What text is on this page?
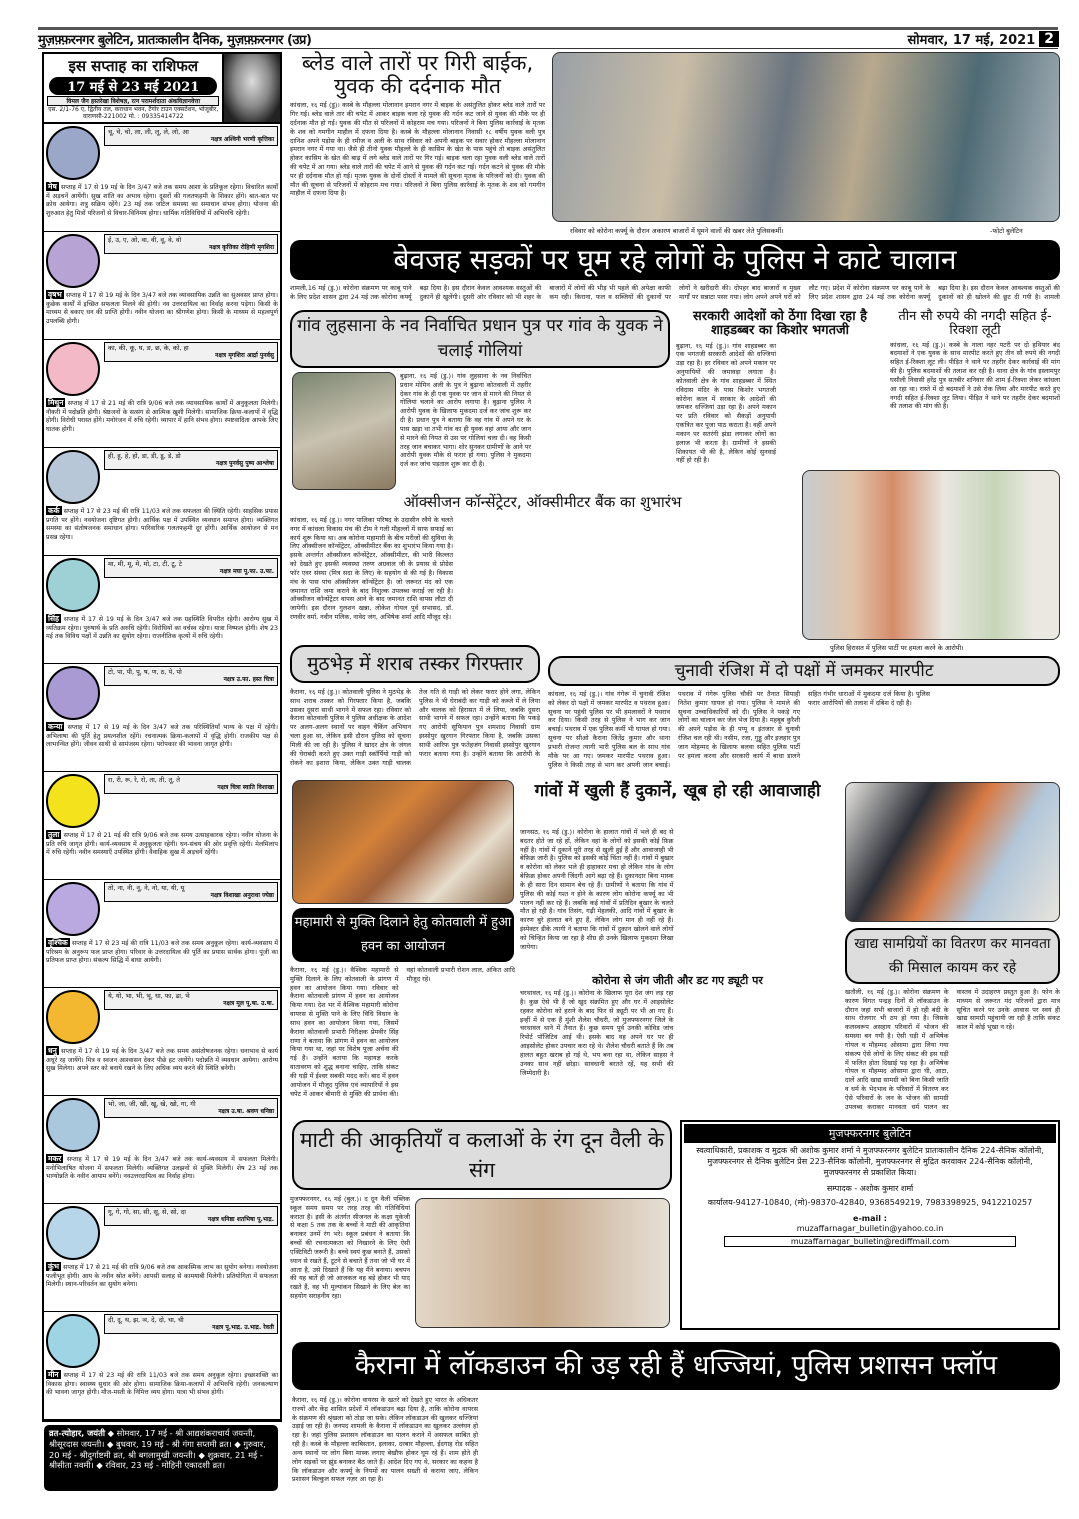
मुज़फ़्फ़रनगर बुलेटिन, प्रातःकालीन दैनिक, मुज़फ़्फ़रनगर (उप्र)	सोमवार, 17 मई, 2021 2
इस सप्ताह का राशिफल
17 मई से 23 मई 2021
विमल जैन हस्तरेखा विशेषज्ञ, रत्न परामर्शदाता अंकविज्ञानवेत्ता
एस. 2/1-76 ए, द्वितीय तल, कराधान भवन, टैगोर टाउन एक्सटेंशन, भोजूबीर, वाराणसी-221002 मो. : 09335414722
चू, चे, चो, ला, ली, लू, ले, लो, आ
नक्षत्र अश्विनी भरणी कृत्तिका
मेष सप्ताह में 17 से 19 मई के दिन 3/47 बजे तक समय आशा के प्रतिकूल रहेगा। विचारित कार्यों में अड़चनें आयेंगी। सुख शांति का अभाव रहेगा। दूसरों की गलतफहमी के शिकार होंगे। बात-बात पर क्रोध आयेगा। शत्रु सक्रिय रहेंगे। 23 मई तक जटिल समस्या का समाधान संभव होगा। योजना की शुरुआत हेतु मित्रों परिजनों से विचार-विनिमय होगा। धार्मिक गतिविधियों में अभिरुचि रहेगी।
ई, उ, ए, ओ, वा, वी, वू, वे, वो
नक्षत्र कृत्तिका रोहिणी मृगशिरा
वृषभ सप्ताह में 17 से 19 मई के दिन 3/47 बजे तक व्यावसायिक उन्नति का सुअवसर प्राप्त होगा। कुछेक कार्यों में इच्छित सफलता मिलने की होगी। नव उत्तरदायित्व का निर्वाह करना पड़ेगा। किसी के माध्यम से बकाए धन की प्राप्ति होगी। नवीन योजना का श्रीगणेश होगा। किसी के माध्यम से महत्वपूर्ण उपलब्धि होगी।
का, की, कू, घ, ङ, छ, के, को, हा
नक्षत्र मृगशिरा आर्द्रा पुनर्वसु
मिथुन सप्ताह में 17 से 21 मई की रात्रि 9/06 बजे तक व्यावसायिक कार्यों में अनुकूलता मिलेगी। नौकरी में पदोन्नति होगी। श्रेष्ठजनों के सत्संग से आत्मिक ख़ुशी मिलेगी। सामाजिक क्रिया-कलापों में वृद्धि होगी। विरोधी परास्त होंगे। मनोरंजन में रुचि रहेगी। व्यापार में हानि संभव होगा। स्पष्टवादिता आपके लिए घातक होगी।
ही, हू, हे, हो, डा, डी, डू, डे, डो
नक्षत्र पुनर्वसु पुष्य आश्लेषा
कर्क सप्ताह में 17 से 23 मई की रात्रि 11/03 बजे तक सफलता की स्थिति रहेगी। साहसिक प्रयास प्रगति पर होंगे। नवयोजना दृष्टिगत होगी। आर्थिक पक्ष में उपस्थित व्यवधान समाप्त होगा। व्यक्तिगत समस्या का संतोषजनक समाधान होगा। पारिवारिक गलतफहमी दूर होंगी। आर्थिक आयोजन से मन प्रसन्न रहेगा।
मा, मी, मू, मे, मो, टा, टी, टू, टे
नक्षत्र मघा पू.फा. उ.फा.
सिंह सप्ताह में 17 से 19 मई के दिन 3/47 बजे तक ग्रहस्थिति विपरीत रहेगी। आरोग्य सुख में व्यतिक्रम रहेगा। पुरुषार्थ के प्रति अरुचि रहेगी। विरोधियों का वर्चस्व रहेगा। यात्रा निष्फल होगी। शेष 23 मई तक विविध पक्षों में उन्नति का सुयोग रहेगा। राजनीतिक कृत्यों में रुचि रहेगी।
टो, पा, पी, पू, ष, ण, ठ, पे, पो
नक्षत्र उ.फा. हस्त चित्रा
कन्या सप्ताह में 17 से 19 मई के दिन 3/47 बजे तक परिस्थितियाँ भाग्य के पक्ष में रहेंगी। अभिलाषा की पूर्ति हेतु प्रयत्नशील रहेंगे। रचनात्मक क्रिया-कलापों में वृद्धि होगी। राजकीय पक्ष से लाभान्वित होंगे। जीवन साथी से सामंजस्य रहेगा। परोपकार की भावना जागृत होगी।
रा, री, रू, रे, रो, ता, ती, तू, ते
नक्षत्र चित्रा स्वाति विशाखा
तुला सप्ताह में 17 से 21 मई की रात्रि 9/06 बजे तक समय उत्साहकारक रहेगा। नवीन योजना के प्रति रुचि जागृत होगी। कार्य-व्यवसाय में अनुकूलता रहेगी। धन-संचय की ओर प्रवृत्ति रहेगी। मेलमिलाप में रुचि रहेगी। नवीन समस्याएँ उपस्थित होंगी। वैवाहिक सुख में अड़चनें रहेंगी।
तो, ना, नी, नू, ने, नो, या, यी, यू
नक्षत्र विशाखा अनुराधा ज्येष्ठा
वृश्चिक सप्ताह में 17 से 23 मई की रात्रि 11/03 बजे तक समय अनुकूल रहेगा। कार्य-व्यवसाय में परिश्रम के अनुरूप फल प्राप्त होगा। परिवार के उत्तरदायित्व की पूर्ति का प्रयास सार्थक होगा। पूंजी का प्रतिफल प्राप्त होगा। संकल्प सिद्धि में बाधा आयेगी।
ये, यो, भा, भी, भू, धा, फा, ढा, भे
नक्षत्र मूल पू.षा. उ.षा.
धनु सप्ताह में 17 से 19 मई के दिन 3/47 बजे तक समय असंतोषजनक रहेगा। धनाभाव से कार्य अधूरे रह जायेंगे। मित्र व स्वजन आश्वासन देकर पीछे हट जायेंगे। पदोन्नति में व्यवधान आयेगा। आरोग्य सुख मिलेगा। अपने स्तर को बनाये रखने के लिए अधिक व्यय करने की स्थिति बनेगी।
भो, जा, जी, खी, खू, खे, खो, गा, गी
नक्षत्र उ.षा. श्रवण धनिष्ठा
मकर सप्ताह में 17 से 19 मई के दिन 3/47 बजे तक कार्य-व्यवसाय में सफलता मिलेगी। मनोभिलाषित योजना में सफलता मिलेगी। व्यक्तिगत उलझनों से मुक्ति मिलेगी। शेष 23 मई तक भाग्योन्नति के नवीन आयाम बनेंगे। नवउत्तरदायित्व का निर्वाह होगा।
गू, गे, गो, सा, सी, सू, से, सो, दा
नक्षत्र धनिष्ठा शतभिषा पू.भाद्र.
कुंभ सप्ताह में 17 से 21 मई की रात्रि 9/06 बजे तक आकस्मिक लाभ का सुयोग बनेगा। नवयोजना फलीभूत होगी। आय के नवीन स्रोत बनेंगे। आपसी सलाह से कामयाबी मिलेगी। प्रतियोगिता में सफलता मिलेगी। स्थान-परिवर्तन का सुयोग बनेगा।
दी, दू, थ, झ, ञ, दे, दो, चा, ची
नक्षत्र पू.भाद्र. उ.भाद्र. रेवती
मीन सप्ताह में 17 से 23 मई की रात्रि 11/03 बजे तक समय अनुकूल रहेगा। इच्छाशक्ति का विकास होगा। स्वास्थ्य सुधार की ओर होगा। सामाजिक क्रिया-कलापों में अभिरुचि रहेगी। जनकल्याण की भावना जागृत होगी। मौज-मस्ती के निमित्त व्यय होगा। यात्रा भी संभव होगी।
व्रत-त्योहार, जयंती ◆ सोमवार, 17 मई - श्री आद्यशंकराचार्य जयन्ती, श्रीसूरदास जयन्ती। ◆ बुधवार, 19 मई - श्री गंगा सप्तमी व्रत। ◆ गुरुवार, 20 मई - श्रीदुर्गाष्टमी व्रत, श्री बगलामुखी जयन्ती। ◆ शुक्रवार, 21 मई - श्रीसीता नवमी। ◆ रविवार, 23 मई - मोहिनी एकादशी व्रत।
ब्लेड वाले तारों पर गिरी बाईक, युवक की दर्दनाक मौत
कांधला, १६ मई (डु)। कस्बे के मौहल्ला मोलानान इमरान नगर में बाइक के असंतुलित होकर ब्लेड वाले तारों पर गिर गई। ब्लेड वाले तार की चपेट में आकर बाइक चला रहे युवक की गर्दन कट जाने से युवक की मौके पर ही दर्दनाक मौत हो गई। युवक की मौत से परिजनों में कोहराम मच गया। परिजनों ने बिना पुलिस कार्रवाई के मृतक के शव को गमगीन माहौल में दफना दिया है। कस्बे के मौहल्ला मोलानान निवासी १८ वर्षीय युवक वली पुत्र दानिश अपने पड़ोस के ही रमीज व अली के साथ रविवार को अपनी बाइक पर सवार होकर मौहल्ला मोलानान इमरान नगर में गया था। जैसे ही तीनो युवक मौहल्ले के ही कासिम के खेत के पास पहुंचे तो बाइक असंतुलित होकर कासिम के खेत की बाढ़ में लगे ब्लेड वाले तारों पर गिर गई। बाइक चला रहा युवक वली ब्लेड वाले तारों की चपेट में आ गया। ब्लेड वाले तारों की चपेट में आने से युवक की गर्दन कट गई। गर्दन कटने से युवक की मौके पर ही दर्दनाक मौत हो गई। मृतक युवक के दोनों दोस्तों ने मामले की सूचना मृतक के परिजनों को दी। युवक की मौत की सूचना से परिजनों में कोहराम मच गया। परिजनों ने बिना पुलिस कार्रवाई के मृतक के शव को गमगीन माहौल में दफना दिया है।
रविवार को कोरोना कर्फ्यू के दौरान अकारण बाजारों में घूमने वालों की खबर लेते पुलिसकर्मी।	-फोटो बुलेटिन
बेवजह सड़कों पर घूम रहे लोगों के पुलिस ने काटे चालान
शामली,16 मई (डु.)। कोरोना संक्रमण पर काबू पाने के लिए प्रदेश शासन द्वारा 24 मई तक कोरोना कर्फ्यू बढ़ा दिया है। इस दौरान केवल आवश्यक वस्तुओं की दुकानें ही खुलेंगी। दूसरी ओर रविवार को भी शहर के बाजारों में लोगों की भीड़ भी पहले की अपेक्षा काफी कम रही। किराना, फल व सब्जियों की दुकानों पर लोगों ने खरीदारी की। दोपहर बाद बाजारों व मुख्य मार्गों पर सन्नाटा पसर गया। लोग अपने अपने घरों को लौट गए। प्रदेश में कोरोना संक्रमण पर काबू पाने के लिए प्रदेश शासन द्वारा 24 मई तक कोरोना कर्फ्यू बढ़ा दिया है। इस दौरान केवल आवश्यक वस्तुओं की दुकानों को ही खोलने की छूट दी गयी है। शामली
गांव लुहसाना के नव निर्वाचित प्रधान पुत्र पर गांव के युवक ने चलाई गोलियां
बुढ़ाना, १६ मई (डु.)। गांव लुहसाना के नव निर्वाचित प्रधान मोमिन अली के पुत्र ने बुढ़ाना कोतवाली में तहरीर देकर गांव के ही एक युवक पर जान से मारने की नियत से गोलियां चलाने का आरोप लगाया है। बुढ़ाना पुलिस ने आरोपी युवक के खिलाफ मुकदमा दर्ज कर जांच शुरू कर दी है। प्रधान पुत्र ने बताया कि वह गांव में अपने घर के पास खड़ा था तभी गांव का ही युवक वहां आया और जान से मारने की नियत से उस पर गोलियां चला दी। वह किसी तरह जान बचाकर भागा। शोर सुनकर ग्रामीणों के आने पर आरोपी युवक मौके से फरार हो गया। पुलिस ने मुकदमा दर्ज कर जांच पड़ताल शुरू कर दी है।
सरकारी आदेशों को ठेंगा दिखा रहा है शाहडब्बर का किशोर भगतजी
बुढ़ाना, १६ मई (डु.)। गांव शाहडब्बर का एक भगतजी सरकारी आदेशों की धज्जियां उड़ा रहा है। हर रविवार को अपने मकान पर अनुयायियों की जमावड़ा लगाता है। कोतवाली क्षेत्र के गांव शाहडब्बर में स्थित रविदास मंदिर के पास किशोर भगतजी कोरोना काल में सरकार के आदेशों की जमकर धज्जियां उड़ा रहा है। अपने मकान पर प्रति रविवार को सैकड़ों अनुयायी एकत्रित कर पूजा पाठ कराता है। वहीं अपने मकान पर सतरंगी झंडा लगाकर लोगों का इलाज भी करता है। ग्रामीणों ने इसकी शिकायत भी की है, लेकिन कोई सुनवाई नहीं हो रही है।
तीन सौ रुपये की नगदी सहित ई-रिक्शा लूटी
कांधला, १६ मई (डु.)। कस्बे के नाला नहर पटरी पर दो हथियार बंद बदमाशों ने एक युवक के साथ मारपीट करते हुए तीन सौ रुपये की नगदी सहित ई-रिक्शा लूट ली। पीड़ित ने थाने पर तहरीर देकर कार्रवाई की मांग की है। पुलिस बदमाशों की तलाश कर रही है। थाना क्षेत्र के गांव इस्लामपुर घसौली निवासी हरेंद्र पुत्र सतबीर शनिवार की शाम ई-रिक्शा लेकर कांधला आ रहा था। रास्ते में दो बदमाशों ने उसे रोक लिया और मारपीट करते हुए नगदी सहित ई-रिक्शा लूट लिया। पीड़ित ने थाने पर तहरीर देकर बदमाशों की तलाश की मांग की है।
ऑक्सीजन कॉन्सेंट्रेटर, ऑक्सीमीटर बैंक का शुभारंभ
कांधला, १६ मई (डु.)। नगर पालिका परिषद के उदासीन रवैये के चलते नगर में कांधला विकास मंच की टीम ने गली मौहल्लों में साफ सफाई का कार्य शुरू किया था। अब कोरोना महामारी के बीच मरीजों की सुविधा के लिए ऑक्सीजन कॉन्सेंट्रेटर, ऑक्सीमीटर बैंक का शुभारंभ किया गया है। इसके अन्तर्गत ऑक्सीजन कॉन्सेंट्रेटर, ऑक्सीमीटर, की भारी किल्लत को देखते हुए इसकी व्यवस्था तरुण अग्रवाल जी के प्रयास से प्रोग्रेस फॉर एवर संस्था (मित्र सदा के लिए) के सहयोग से की गई है। विकास मंच के पास पांच ऑक्सीजन कॉन्सेंट्रेटर है। जो जरूरत मंद को एक जमानत राशि जमा कराने के बाद निशुल्क उपलब्ध कराई जा रही है। ऑक्सीजन कॉन्सेंट्रेटर वापस आने के बाद जमानत राशि वापस लौटा दी जायेगी। इस दौरान गुलशन खन्ना, लोकेश गोयल पूर्व सभासद, डॉ. रणवीर वर्मा, नवीन मलिक, नावेद जंग, अभिषेक शर्मा आदि मौजूद रहे।
पुलिस हिरासत में पुलिस पार्टी पर हमला करने के आरोपी।
मुठभेड़ में शराब तस्कर गिरफ्तार
कैराना, १६ मई (डु.)। कोतवाली पुलिस ने मुठभेड़ के साथ शराब तस्कर को गिरफ्तार किया है, जबकि उसका दूसरा साथी भागने में सफल रहा। रविवार को कैराना कोतवाली पुलिस ने पुलिस अधीक्षक के आदेश पर अलग-अलग स्थानों पर वाहन चैकिंग अभियान चला हुआ था, लेकिन इसी दौरान पुलिस को सूचना मिली की जा रही है। पुलिस ने खादर क्षेत्र के जंगल की घेराबंदी करते हुए उक्त गाड़ी स्कॉर्पियो गाड़ी को रोकने का इशारा किया, लेकिन उक्त गाड़ी चालक तेज गति से गाड़ी को लेकर फरार होने लगा, लेकिन पुलिस ने भी घेराबंदी कर गाड़ी को कब्जे में ले लिया और चालक को हिरासत में ले लिया, जबकि दूसरा साथी भागने में सफल रहा। उन्होंने बताया कि पकड़े गए आरोपी सूफियान पुत्र शमशाद निवासी ग्राम इस्सोपुर खुरगान गिरफ्तार किया है, जबकि उसका साथी आरिफ पुत्र फतेहजंग निवासी इस्सोपुर खुरगान फरार बताया गया है। उन्होंने बताया कि आरोपी के
चुनावी रंजिश में दो पक्षों में जमकर मारपीट
कांधला, १६ मई (डु.)। गांव गंगेरू में चुनावी रंजिश को लेकर दो पक्षों में जमकर मारपीट व पथराव हुआ। सूचना पर पहुंची पुलिस पर भी हमलावरों ने पथराव कर दिया। किसी तरह से पुलिस ने भाग कर जान बचाई। पथराव में एक पुलिस कर्मी भी घायल हो गया। सूचना पर सीओ कैराना जितेंद्र कुमार और थाना प्रभारी रोजन्त त्यागी भारी पुलिस बल के साथ गांव मौके पर आ गए। जमकर मारपीट पथराव हुआ। पुलिस ने किसी तरह से भाग कर अपनी जान बचाई। पथराव में गंगेरू पुलिस चौकी पर तैनात सिपाही नितेश कुमार घायल हो गया। पुलिस ने मामले की सूचना उच्चाधिकारियों को दी। पुलिस ने पकड़े गए लोगों का चालान कर जेल भेज दिया है। महबूब कुरैशी की अपने पड़ोस के ही पप्पू व इंतजार से चुनावी रंजिश चल रही थी। नसीम, रजा, गुड्डू और इजहार पुत्र जान मोहम्मद के खिलाफ बलवा सहित पुलिस पार्टी पर हमला करना और सरकारी कार्य में बाधा डालने सहित गंभीर धाराओं में मुकदमा दर्ज किया है। पुलिस फरार आरोपियों की तलाश में दबिश दे रही है।
महामारी से मुक्ति दिलाने हेतु कोतवाली में हुआ हवन का आयोजन
कैराना, १६ मई (डु.)। वैश्विक महामारी से मुक्ति दिलाने के लिए कोतवाली के प्रांगण में हवन का आयोजन किया गया। रविवार को कैराना कोतवाली प्रांगण में हवन का आयोजन किया गया। देश भर में वैश्विक महामारी कोरोना वायरस से मुक्ति पाने के लिए विधि विधान के साथ हवन का आयोजन किया गया, जिसमें कैराना कोतवाली प्रभारी निरीक्षक प्रेमवीर सिंह राणा ने बताया कि प्रांगण में हवन का आयोजन किया गया था, जहां पर विशेष पूजा अर्चना की गई है। उन्होंने बताया कि महायज्ञ करके वातावरण को शुद्ध बनाना चाहिए, ताकि संकट की घड़ी में ईश्वर सबकी मदद करें। बाद में हवन आयोजन में मौजूद पुलिस एवं व्यापारियों ने इस चपेट में आकर बीमारी से मुक्ति की प्रार्थना की। वहां कोतवाली प्रभारी रोशन लाल, अंकित आदि मौजूद रहे।
गांवों में खुली हैं दुकानें, खूब हो रही आवाजाही
जानसठ, १६ मई (डु.)। कोरोना के हालात गांवों में भले ही बद से बदतर होते जा रहे हों, लेकिन वहां के लोगों को इसकी कोई फ़िक्र नहीं है। गांवों में दुकानें पूरी तरह से खुली हुई हैं और आवाजाही भी बेफ़िक्र जारी है। पुलिस को इसकी कोई चिंता नहीं है। गांवों में बुखार व कोरोना को लेकर भले ही हाहाकार मचा हो लेकिन गांव के लोग बेफ़िक्र होकर अपनी जिंदगी आगे बढ़ा रहे हैं। दुकानदार बिना मास्क के ही सारा दिन सामान बेच रहे हैं। ग्रामीणों ने बताया कि गांव में पुलिस की कोई गश्त न होने के कारण लोग कोरोना कर्फ्यू का भी पालन नहीं कर रहे हैं। जबकि कई गांवों में प्रतिदिन बुखार के चलते मौत हो रही है। गांव तिसंग, गढ़ी मेहलकी, आदि गांवों में बुखार के कारण बुरे हालात बने हुए हैं, लेकिन लोग मान ही नहीं रहे हैं। इंस्पेक्टर डीके त्यागी ने बताया कि गांवों में दुकान खोलने वाले लोगों को चिन्हित किया जा रहा है शीघ्र ही उनके खिलाफ मुकदमा लिखा जायेगा।
कोरोना से जंग जीती और डट गए ड्यूटी पर
चरथावल, १६ मई (डु.)। कोरोना के खिलाफ पूरा देश जंग लड़ रहा है। कुछ ऐसे भी हैं जो खुद संक्रमित हुए और घर में आइसोलेट रहकर कोरोना को हराने के बाद फिर से ड्यूटी पर भी आ गए हैं। इन्हीं में से एक हैं मुंशी शैलेश चौधरी, जो मुजफ्फरनगर जिले के चरथावल थाने में तैनात हैं। कुछ समय पूर्व उनकी कोविड जांच रिपोर्ट पॉजिटिव आई थी। इसके बाद वह अपने घर पर ही आइसोलेट होकर उपचार करा रहे थे। शैलेश चौधरी बताते हैं कि तब हालत बहुत खराब हो गई थे, भय बना रहा था, लेकिन साहस ने उनका साथ नहीं छोड़ा। सावधानी बरतते रहें, यह सभी की जिम्मेदारी है।
खाद्य सामग्रियों का वितरण कर मानवता की मिसाल कायम कर रहे
खतौली, १६ मई (डु.)। कोरोना संक्रमण के कारण विगत पन्द्रह दिनों से लॉकडाउन के दौरान जहां सभी बाजारों में हो रही बंदी के साथ रोजगार भी ठप हो गया है। जिसके कलस्वरूप असहाय परिवारों में भोजन की समस्या बन गयी है। ऐसी घड़ी में अभिषेक गोयल व मौहम्मद ओसामा द्वारा लिया गया संकल्प ऐसे लोगों के लिए संकट की इस घड़ी में फलित होता दिखाई पड़ रहा है। अभिषेक गोयल व मौहम्मद ओसामा द्वारा घी, आटा, दालें आदि खाद्य सामग्री को बिना किसी जाति व धर्म के भेदभाव के परिवारों में वितरण कर ऐसे परिवारों के जन के भोजन की सामग्री उपलब्ध कराकर मानवता धर्म पालन का वास्तव में उदाहरण प्रस्तुत हुआ है। फोन के माध्यम से जरूरत मंद परिजनों द्वारा मात्र सूचित करने पर उनके आवास पर स्वयं ही खाद्य सामग्री पहुंचायी जा रही है ताकि संकट काल में कोई भूखा न रहे।
माटी की आकृतियाँ व कलाओं के रंग दून वैली के संग
मुजफ्फरनगर, १६ मई (बुल.)। द दून वैली पब्लिक स्कूल समय समय पर तरह तरह की गतिविधियां कराता है। इसी के अंतर्गत सीजनल के कक्षा यूकेजी से कक्षा 5 तक तक के बच्चों ने माटी की आकृतियां बनाकर उनमें रंग भरे। स्कूल प्रबंधन ने बताया कि बच्चों की रचनात्मकता को निखारने के लिए ऐसी एक्टिविटी जरूरी है। बच्चे स्वयं कुछ बनाते हैं, उसको ध्यान से रखते हैं, टूटने से बचाते हैं तथा जो भी घर में आता है, उसे दिखाते हैं कि यह मैंने बनाया। बचपन की यह बातें ही जो आजकल वह बड़े होकर भी याद रखते हैं, वह भी मूल्यांकन सिखाने के लिए बेल का सहयोग सराहनीय रहा।
मुजफ्फरनगर बुलेटिन
स्वत्वाधिकारी, प्रकाशक व मुद्रक श्री अशोक कुमार शर्मा ने मुजफ्फरनगर बुलेटिन प्रातःकालीन दैनिक 224-सैनिक कॉलोनी, मुजफ्फरनगर से दैनिक बुलेटिन प्रेस 223-सैनिक कॉलोनी, मुजफ्फरनगर से मुद्रित करवाकर 224-सैनिक कॉलोनी, मुजफ्फरनगर से प्रकाशित किया।
सम्पादक - अशोक कुमार शर्मा
कार्यालय-94127-10840, (मो)-98370-42840, 9368549219, 7983398925, 9412210257
e-mail :
muzaffarnagar_bulletin@yahoo.co.in
muzaffarnagar_bulletin@rediffmail.com
कैराना में लॉकडाउन की उड़ रही हैं धज्जियां, पुलिस प्रशासन फ्लॉप
कैराना, १६ मई (डु.)। कोरोना वायरस के खतरे को देखते हुए भारत के अधिकतर राज्यों और केंद्र शासित प्रदेशों में लॉकडाउन बढ़ा दिया है, ताकि कोरोना वायरस के संक्रमण की श्रृंखला को तोड़ा जा सके। लेकिन लॉकडाउन की खुलकर धज्जियां उड़ाई जा रही है। जनपद शामली के कैराना में लॉकडाउन का खुलकर उल्लंघन हो रहा है। जहां पुलिस प्रशासन लॉकडाउन का पालन कराने में असफल साबित हो रही है। कस्बे के मौहल्ला काबिस्तान, इलाका, दरबार मौहल्ला, ईदगाह रोड सहित अन्य स्थानों पर लोग बिना मास्क लगाए बेखौफ होकर घूम रहे हैं। शाम होते ही लोग सड़कों पर झुंड बनाकर बैठ जाते हैं। आदेश दिए गए थे, सरकार का कहना है कि लॉकडाउन और कर्फ्यू के नियमों का पालन सख्ती से कराया जाए, लेकिन प्रशासन बिल्कुल सफल नज़र आ रहा है।
